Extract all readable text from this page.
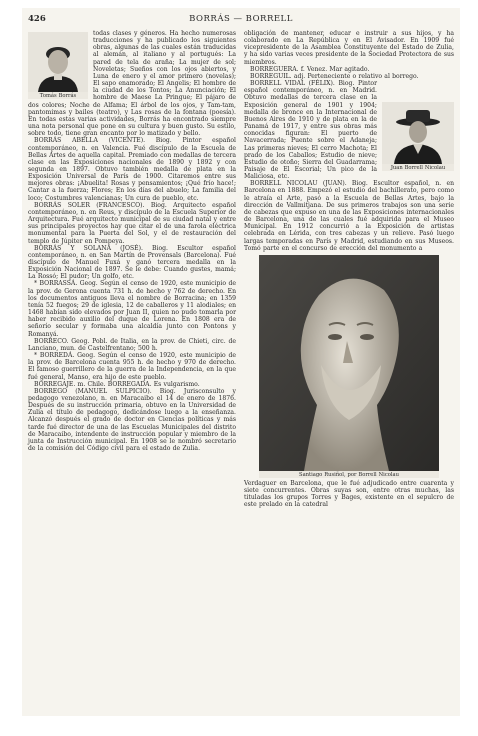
426	BORRÁS — BORRELL
Tomás Borrás

todas clases y géneros. Ha hecho numerosas traducciones y ha publicado los siguientes obras, algunas de las cuales están traducidas al alemán, al italiano y al portugués: La pared de tela de araña; La mujer de sol; Noveletas; Sueños con los ojos abiertos, y Luna de enero y el amor primero (novelas); El sapo enamorado; El Angelis; El hombre de la ciudad de los Tontos; La Anunciación; El hombre de Maese La Pringue; El pájaro de dos colores; Noche de Alfama; El árbol de los ojos, y Tam-tam, pantomimas y bailes (teatro), y Las rosas de la fontana (poesía). En todas estas varias actividades, Borrás ha encontrado siempre una nota personal que pone en su cultura y buen gusto. Su estilo, sobre todo, tiene gran encanto por lo matizado y bello.

BORRÁS ABELLA (VICENTE). Biog. Pintor español contemporáneo, n. en Valencia. Fué discípulo de la Escuela de Bellas Artes de aquella capital. Premiado con medallas de tercera clase en las Exposiciones nacionales de 1890 y 1892 y con segunda en 1897. Obtuvo también medalla de plata en la Exposición Universal de París de 1900. Citaremos entre sus mejores obras: ¡Abuelita! Rosas y pensamientos; ¡Qué frío hace!; Cantar a la fuerza; Flores; En los días del abuelo; La familia del loco; Costumbres valencianas; Un cura de pueblo, etc.

BORRÁS SOLER (FRANCESCO). Biog. Arquitecto español contemporáneo, n. en Reus, y discípulo de la Escuela Superior de Arquitectura. Fué arquitecto municipal de su ciudad natal y entre sus principales proyectos hay que citar el de una farola eléctrica monumental para la Puerta del Sol, y el de restauración del templo de Júpiter en Pompeya.

BORRÁS Y SOLANA (JOSÉ). Biog. Escultor español contemporáneo, n. en San Martín de Provensals (Barcelona). Fué discípulo de Manuel Fuxá y ganó tercera medalla en la Exposición Nacional de 1897. Se le debe: Cuando gustes, mamá; La Rossó; El pudor; Un golfo, etc.

* BORRASSÁ. Geog. Según el censo de 1920, este municipio de la prov. de Gerona cuenta 731 h. de hecho y 762 de derecho. En los documentos antiguos lleva el nombre de Borracina; en 1359 tenía 52 fuegos; 29 de iglesia, 12 de caballeros y 11 alodiales; en 1468 habían sido elevados por Juan II, quien no pudo tomarla por haber recibido auxilio del duque de Lorena. En 1808 era de señorío secular y formaba una alcaldía junto con Pontons y Romanyá.

BORRECO. Geog. Pobl. de Italia, en la prov. de Chieti, circ. de Lanciano, mun. de Castelfrentano; 500 h.

* BORREDÁ. Geog. Según el censo de 1920, este municipio de la prov. de Barcelona cuenta 955 h. de hecho y 970 de derecho. El famoso guerrillero de la guerra de la Independencia, en la que fué general, Manso, era hijo de este pueblo.

BORREGAJE. m. Chile. BORREGADA. Es vulgarismo.

BORREGO (MANUEL SULPICIO). Biog. Jurisconsulto y pedagogo venezolano, n. en Maracaibo el 14 de enero de 1876. Después de su instrucción primaria, obtuvo en la Universidad de Zulia el título de pedagogo, dedicándose luego a la enseñanza. Alcanzó después el grado de doctor en Ciencias políticas y más tarde fué director de una de las Escuelas Municipales del distrito de Maracaibo, intendente de instrucción popular y miembro de la junta de Instrucción municipal. En 1908 se le nombró secretario de la comisión del Código civil para el estado de Zulia.

obligación de mantener, educar e instruir a sus hijos, y ha colaborado en La República y en El Avisador. En 1909 fué vicepresidente de la Asamblea Constituyente del Estado de Zulia, y ha sido varias veces presidente de la Sociedad Protectora de sus miembros.

BORREGUERA. f. Venez. Mar agitado.

BORREGUIL. adj. Perteneciente o relativo al borrego.

Juan Borrell Nicolau

BORRELL VIDAL (FÉLIX). Biog. Pintor español contemporáneo, n. en Madrid. Obtuvo medallas de tercera clase en la Exposición general de 1901 y 1904; medalla de bronce en la Internacional de Buenos Aires de 1910 y de plata en la de Panamá de 1917, y entre sus obras más conocidas figuran: El puerto de Navacerrada; Puente sobre el Adaneja; Las primeras nieves; El cerro Machota; El prado de los Caballos; Estudio de nieve; Estudio de otoño; Sierra del Guadarrama; Paisaje de El Escorial; Un pico de la Maliciosa, etc.

BORRELL NICOLAU (JUAN). Biog. Escultor español, n. en Barcelona en 1888. Empezó el estudio del bachillerato, pero como le atraía el Arte, pasó a la Escuela de Bellas Artes, bajo la dirección de Vallmitjana. De sus primeros trabajos son una serie de cabezas que expuso en una de las Exposiciones internacionales de Barcelona, una de las cuales fué adquirida para el Museo Municipal. En 1912 concurrió a la Exposición de artistas celebrada en Lérida, con tres cabezas y un relieve. Pasó luego largas temporadas en París y Madrid, estudiando en sus Museos. Tomó parte en el concurso de erección del monumento a

Santiago Rusiñol, por Borrell Nicolau

Verdaguer en Barcelona, que le fué adjudicado entre cuarenta y siete concurrentes. Obras suyas son, entre otras muchas, las tituladas los grupos Torres y Bages, existente en el sepulcro de este prelado en la catedral
